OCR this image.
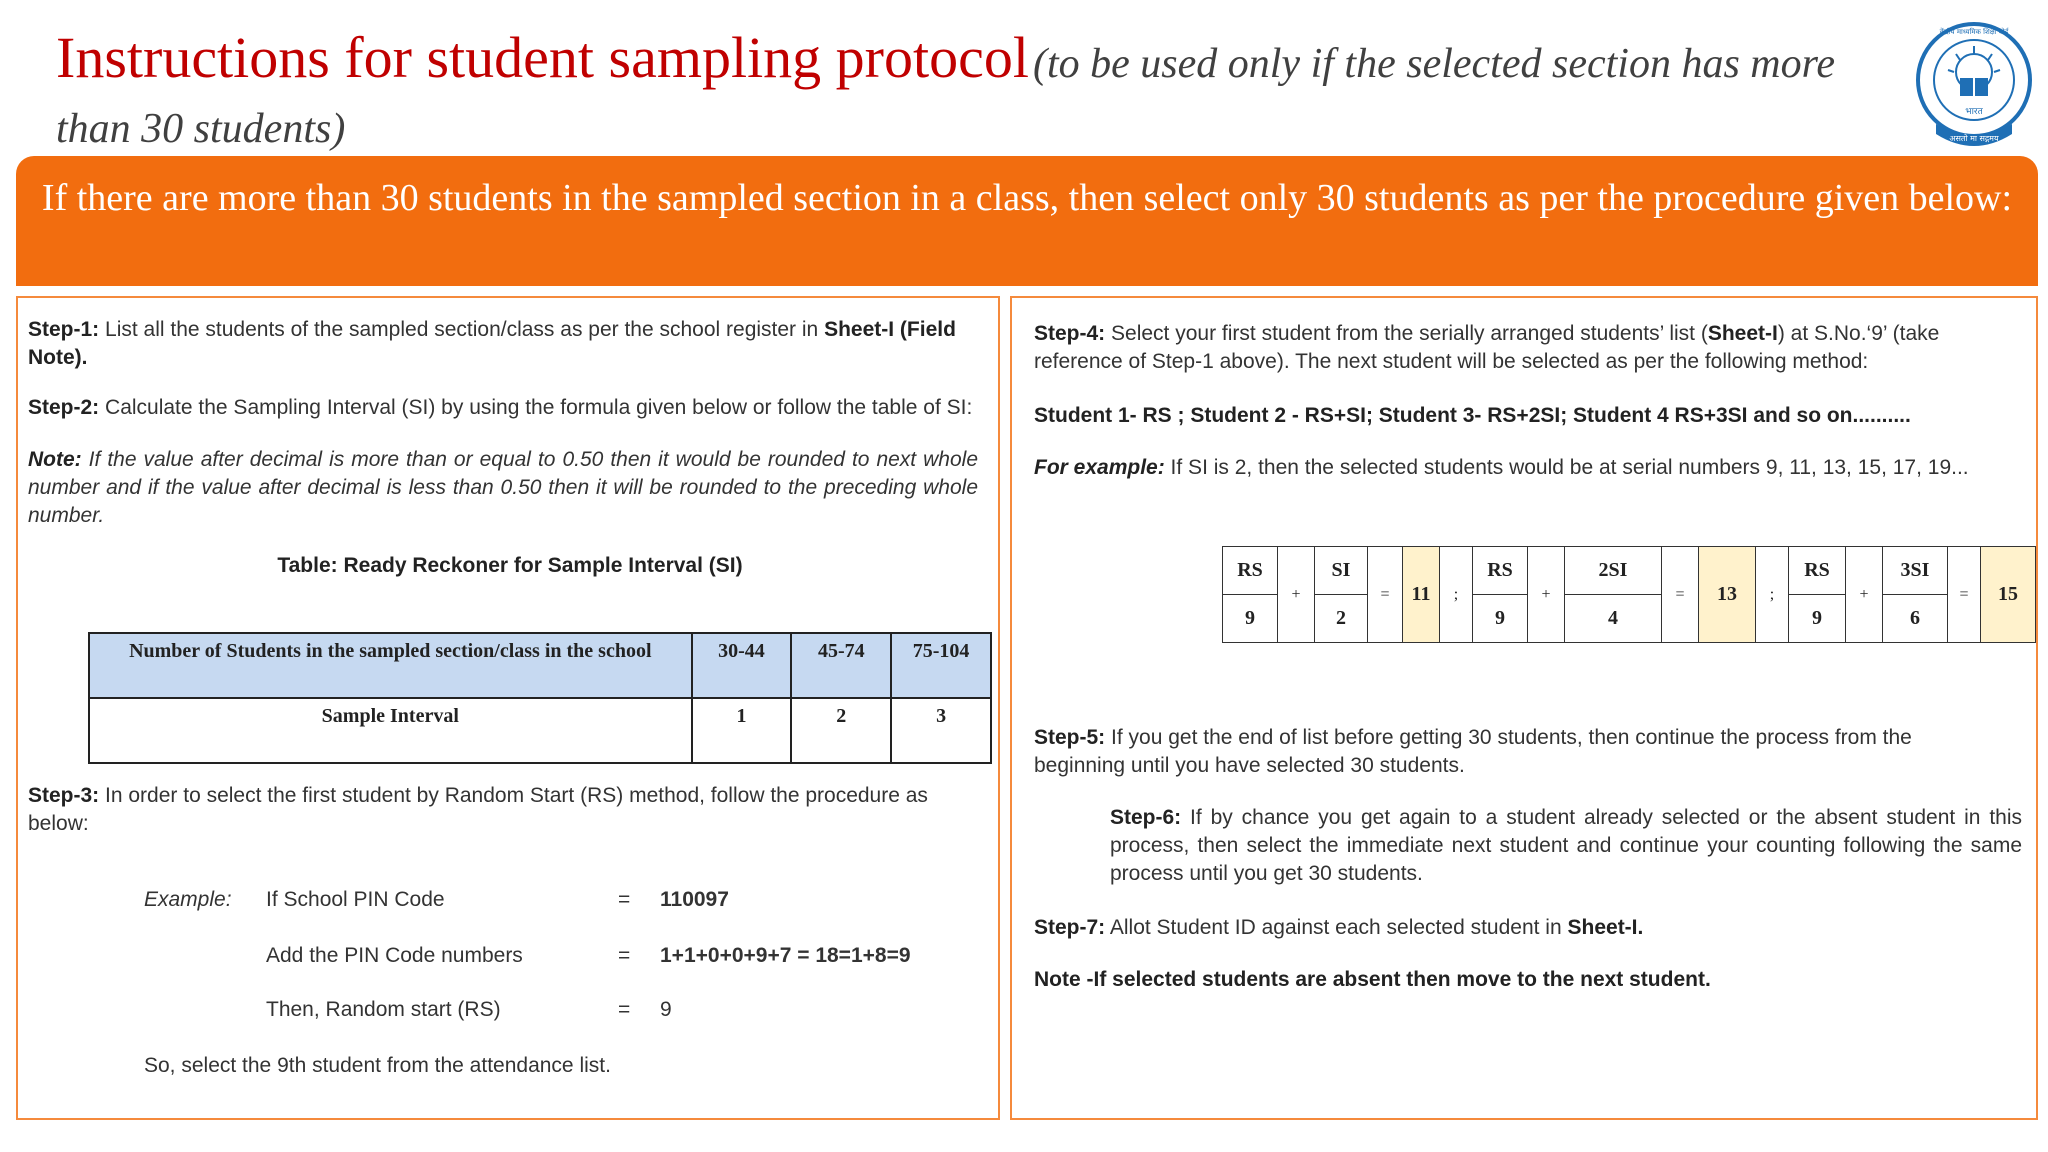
Instructions for student sampling protocol (to be used only if the selected section has more than 30 students)	भारत
असतो मा सद्गमय
केंद्रीय माध्यमिक शिक्षा बोर्ड
If there are more than 30 students in the sampled section in a class, then select only 30 students as per the procedure given below:
Step-1: List all the students of the sampled section/class as per the school register in Sheet-I (Field Note).
Step-2: Calculate the Sampling Interval (SI) by using the formula given below or follow the table of SI:
Note: If the value after decimal is more than or equal to 0.50 then it would be rounded to next whole number and if the value after decimal is less than 0.50 then it will be rounded to the preceding whole number.
Table: Ready Reckoner for Sample Interval (SI)
Number of Students in the sampled section/class in the school	30-44	45-74	75-104
Sample Interval	1	2	3
Step-3: In order to select the first student by Random Start (RS) method, follow the procedure as below:
Example: If School PIN Code	= 110097
Add the PIN Code numbers	= 1+1+0+0+9+7 = 18=1+8=9
Then, Random start (RS)	= 9
So, select the 9th student from the attendance list.
Step-4: Select your first student from the serially arranged students’ list (Sheet-I) at S.No.‘9’ (take reference of Step-1 above). The next student will be selected as per the following method:
Student 1- RS ; Student 2 - RS+SI; Student 3- RS+2SI; Student 4 RS+3SI and so on..........
For example: If SI is 2, then the selected students would be at serial numbers 9, 11, 13, 15, 17, 19...
Step-5: If you get the end of list before getting 30 students, then continue the process from the beginning until you have selected 30 students.
Step-6: If by chance you get again to a student already selected or the absent student in this process, then select the immediate next student and continue your counting following the same process until you get 30 students.
Step-7: Allot Student ID against each selected student in Sheet-I.
Note -If selected students are absent then move to the next student.
RS	+	SI	=	11	;	RS	+	2SI	=	13	;	RS	+	3SI	=	15
9		2				9		4				9		6		
